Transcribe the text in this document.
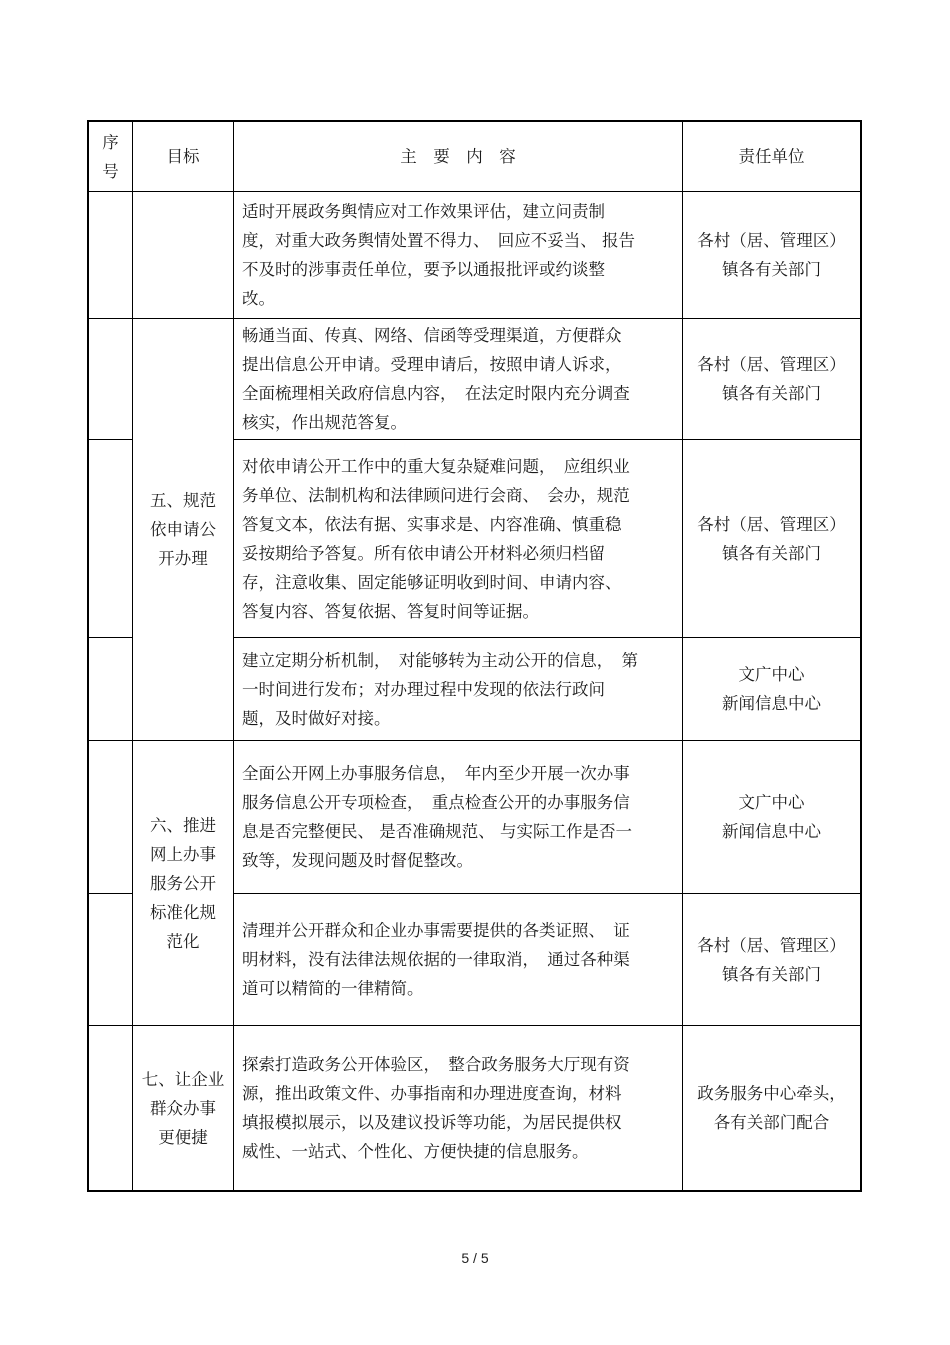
序
号
目标	主　要　内　容	责任单位
适时开展政务舆情应对工作效果评估，建立问责制
度，对重大政务舆情处置不得力、　回应不妥当、 报告
不及时的涉事责任单位，要予以通报批评或约谈整
改。
各村（居、管理区）
镇各有关部门
五、规范
依申请公
开办理
畅通当面、传真、网络、信函等受理渠道，方便群众
提出信息公开申请。受理申请后，按照申请人诉求，
全面梳理相关政府信息内容，　在法定时限内充分调查
核实，作出规范答复。
各村（居、管理区）
镇各有关部门
对依申请公开工作中的重大复杂疑难问题，　应组织业
务单位、法制机构和法律顾问进行会商、　会办，规范
答复文本，依法有据、实事求是、内容准确、慎重稳
妥按期给予答复。所有依申请公开材料必须归档留
存，注意收集、固定能够证明收到时间、申请内容、
答复内容、答复依据、答复时间等证据。
各村（居、管理区）
镇各有关部门
建立定期分析机制，　对能够转为主动公开的信息，　第
一时间进行发布；对办理过程中发现的依法行政问
题，及时做好对接。
文广中心
新闻信息中心
六、推进
网上办事
服务公开
标准化规
范化
全面公开网上办事服务信息，　年内至少开展一次办事
服务信息公开专项检查，　重点检查公开的办事服务信
息是否完整便民、 是否准确规范、 与实际工作是否一
致等，发现问题及时督促整改。
文广中心
新闻信息中心
清理并公开群众和企业办事需要提供的各类证照、　证
明材料，没有法律法规依据的一律取消，　通过各种渠
道可以精简的一律精简。
各村（居、管理区）
镇各有关部门
七、让企业
群众办事
更便捷
探索打造政务公开体验区，　整合政务服务大厅现有资
源，推出政策文件、办事指南和办理进度查询，材料
填报模拟展示，以及建议投诉等功能，为居民提供权
威性、一站式、个性化、方便快捷的信息服务。
政务服务中心牵头，
各有关部门配合
5 / 5
